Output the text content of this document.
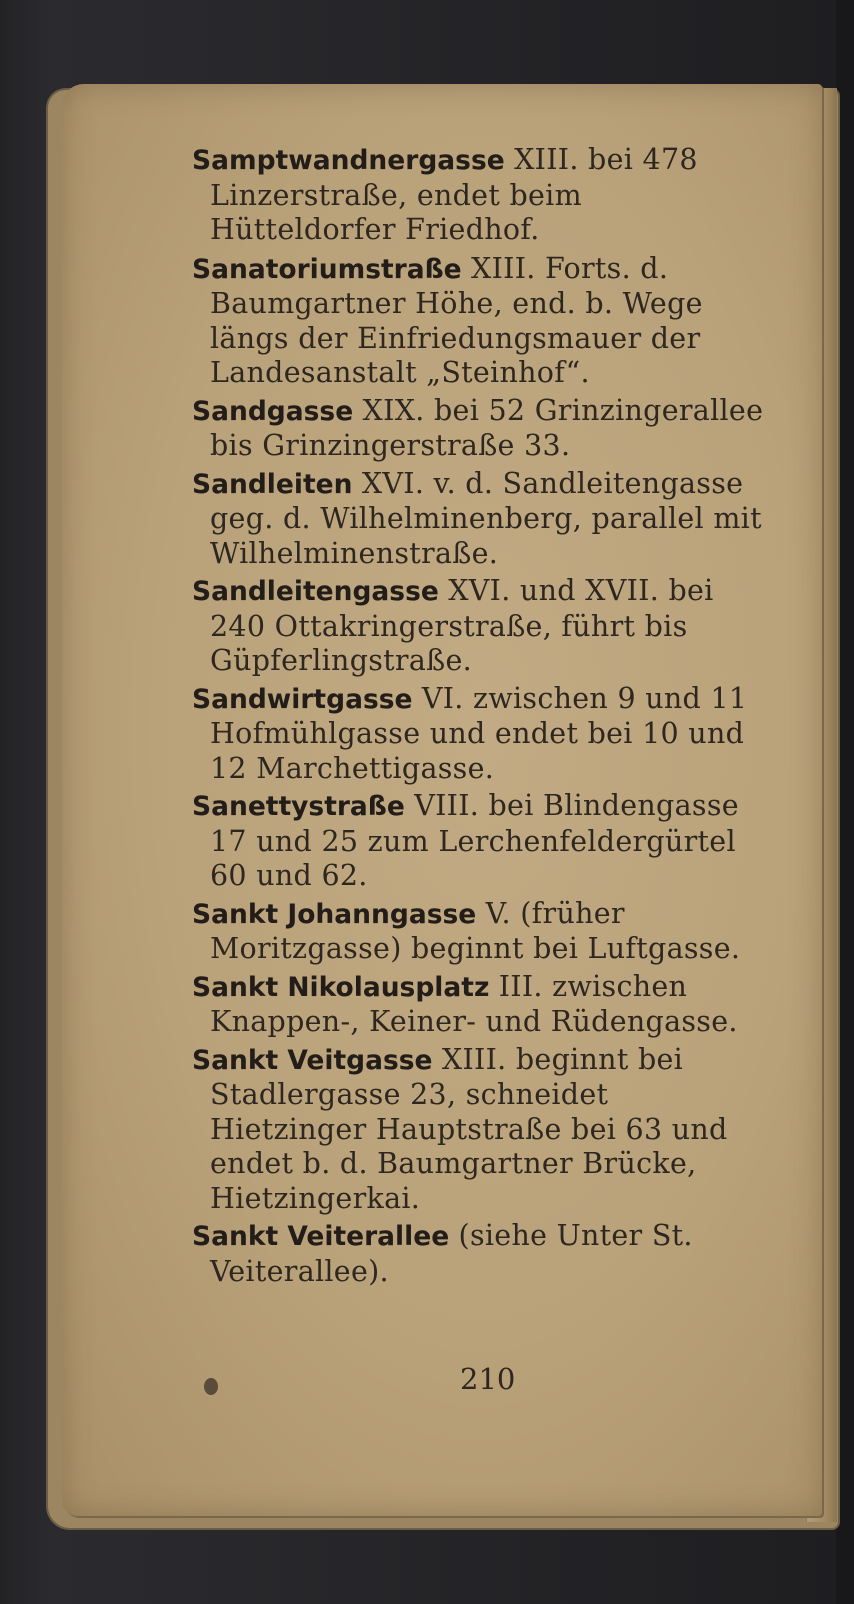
Samptwandnergasse XIII. bei 478 Linzerstraße, endet beim Hütteldorfer Friedhof.
Sanatoriumstraße XIII. Forts. d. Baumgartner Höhe, end. b. Wege längs der Einfriedungsmauer der Landesanstalt „Steinhof“.
Sandgasse XIX. bei 52 Grinzingerallee bis Grinzingerstraße 33.
Sandleiten XVI. v. d. Sandleitengasse geg. d. Wilhelminenberg, parallel mit Wilhelminenstraße.
Sandleitengasse XVI. und XVII. bei 240 Ottakringerstraße, führt bis Güpferlingstraße.
Sandwirtgasse VI. zwischen 9 und 11 Hofmühlgasse und endet bei 10 und 12 Marchettigasse.
Sanettystraße VIII. bei Blindengasse 17 und 25 zum Lerchenfeldergürtel 60 und 62.
Sankt Johanngasse V. (früher Moritzgasse) beginnt bei Luftgasse.
Sankt Nikolausplatz III. zwischen Knappen-, Keiner- und Rüdengasse.
Sankt Veitgasse XIII. beginnt bei Stadlergasse 23, schneidet Hietzinger Hauptstraße bei 63 und endet b. d. Baumgartner Brücke, Hietzingerkai.
Sankt Veiterallee (siehe Unter St. Veiterallee).
210
